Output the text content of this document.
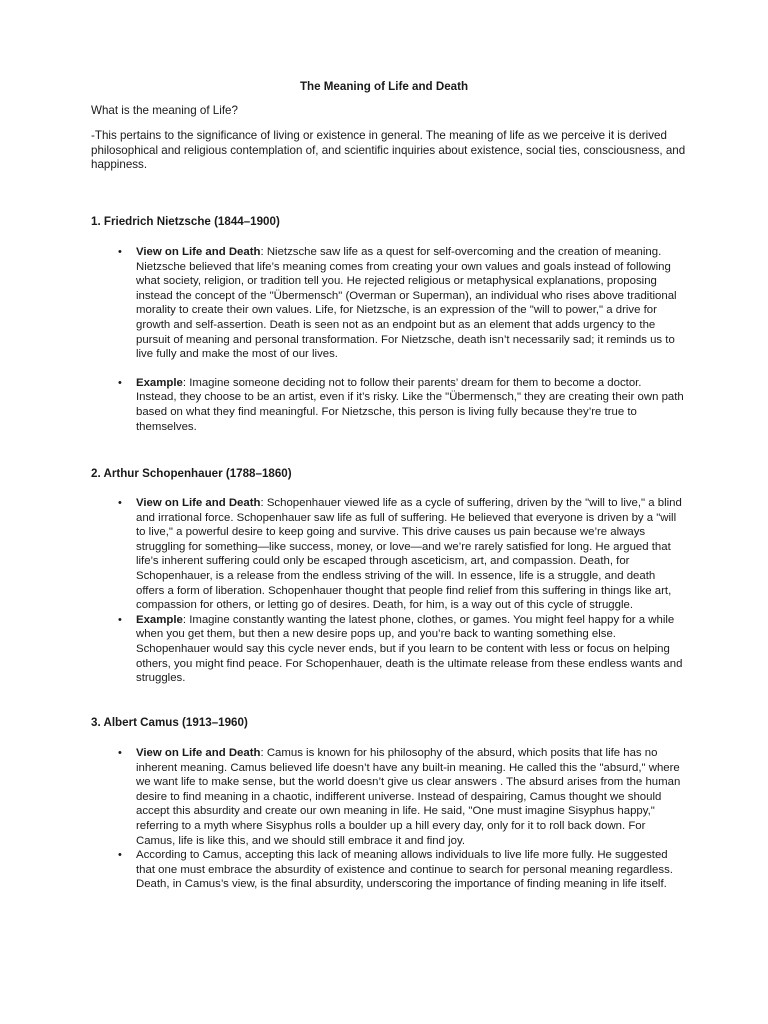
The Meaning of Life and Death

What is the meaning of Life?

-This pertains to the significance of living or existence in general. The meaning of life as we perceive it is derived philosophical and religious contemplation of, and scientific inquiries about existence, social ties, consciousness, and happiness.

1. Friedrich Nietzsche (1844–1900)

• View on Life and Death: Nietzsche saw life as a quest for self-overcoming and the creation of meaning. Nietzsche believed that life’s meaning comes from creating your own values and goals instead of following what society, religion, or tradition tell you. He rejected religious or metaphysical explanations, proposing instead the concept of the "Übermensch" (Overman or Superman), an individual who rises above traditional morality to create their own values. Life, for Nietzsche, is an expression of the "will to power," a drive for growth and self-assertion. Death is seen not as an endpoint but as an element that adds urgency to the pursuit of meaning and personal transformation. For Nietzsche, death isn’t necessarily sad; it reminds us to live fully and make the most of our lives.
• Example: Imagine someone deciding not to follow their parents’ dream for them to become a doctor. Instead, they choose to be an artist, even if it’s risky. Like the "Übermensch," they are creating their own path based on what they find meaningful. For Nietzsche, this person is living fully because they’re true to themselves.

2. Arthur Schopenhauer (1788–1860)

• View on Life and Death: Schopenhauer viewed life as a cycle of suffering, driven by the "will to live," a blind and irrational force. Schopenhauer saw life as full of suffering. He believed that everyone is driven by a "will to live," a powerful desire to keep going and survive. This drive causes us pain because we’re always struggling for something—like success, money, or love—and we’re rarely satisfied for long. He argued that life’s inherent suffering could only be escaped through asceticism, art, and compassion. Death, for Schopenhauer, is a release from the endless striving of the will. In essence, life is a struggle, and death offers a form of liberation. Schopenhauer thought that people find relief from this suffering in things like art, compassion for others, or letting go of desires. Death, for him, is a way out of this cycle of struggle.
• Example: Imagine constantly wanting the latest phone, clothes, or games. You might feel happy for a while when you get them, but then a new desire pops up, and you’re back to wanting something else. Schopenhauer would say this cycle never ends, but if you learn to be content with less or focus on helping others, you might find peace. For Schopenhauer, death is the ultimate release from these endless wants and struggles.

3. Albert Camus (1913–1960)

• View on Life and Death: Camus is known for his philosophy of the absurd, which posits that life has no inherent meaning. Camus believed life doesn’t have any built-in meaning. He called this the "absurd," where we want life to make sense, but the world doesn’t give us clear answers . The absurd arises from the human desire to find meaning in a chaotic, indifferent universe. Instead of despairing, Camus thought we should accept this absurdity and create our own meaning in life. He said, "One must imagine Sisyphus happy," referring to a myth where Sisyphus rolls a boulder up a hill every day, only for it to roll back down. For Camus, life is like this, and we should still embrace it and find joy.
• According to Camus, accepting this lack of meaning allows individuals to live life more fully. He suggested that one must embrace the absurdity of existence and continue to search for personal meaning regardless. Death, in Camus’s view, is the final absurdity, underscoring the importance of finding meaning in life itself.
